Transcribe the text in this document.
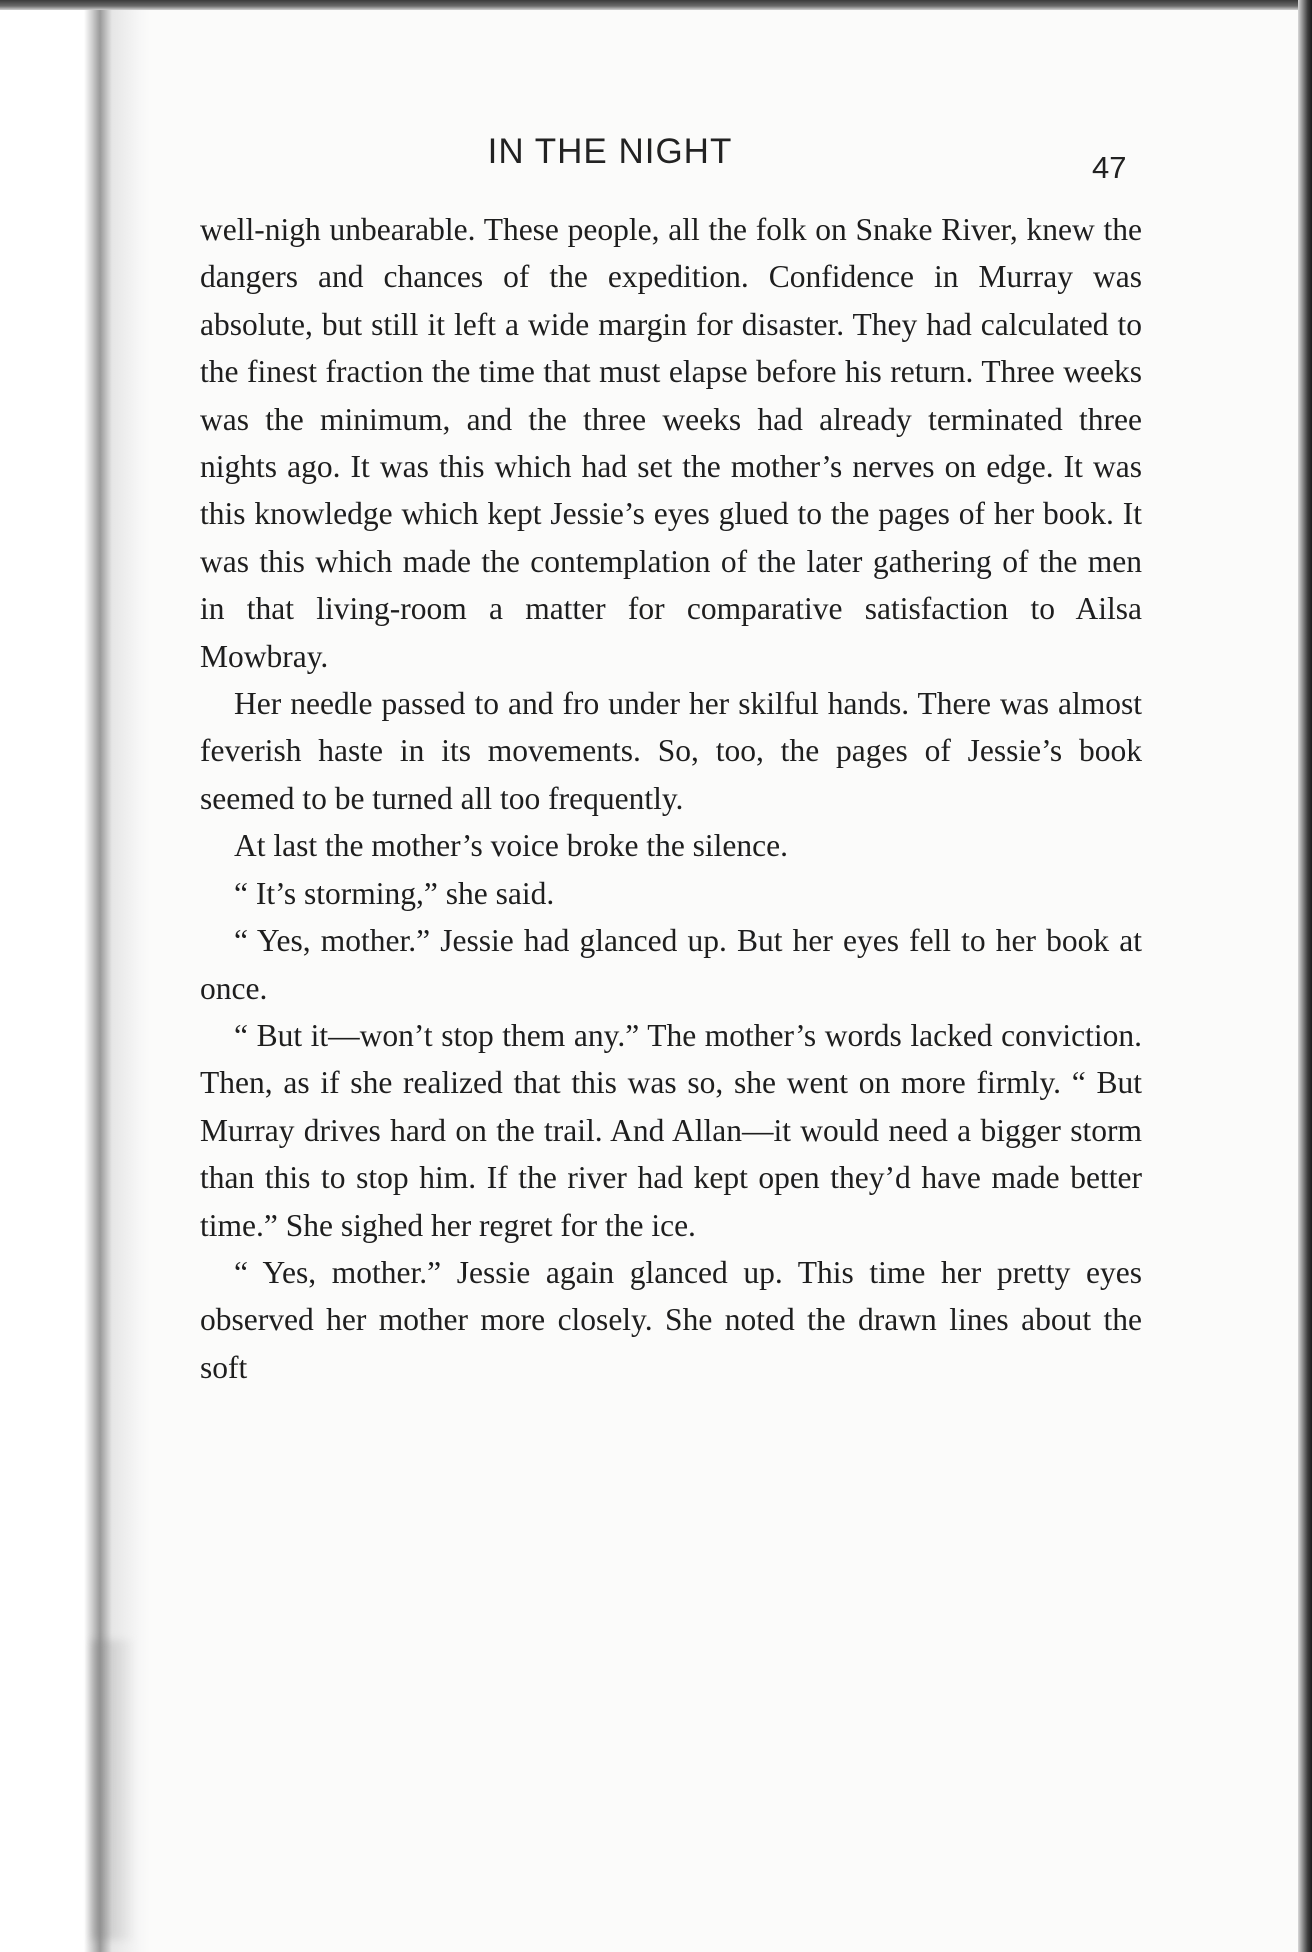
IN THE NIGHT	47

well-nigh unbearable. These people, all the folk on Snake River, knew the dangers and chances of the expedition. Confidence in Murray was absolute, but still it left a wide margin for disaster. They had calculated to the finest fraction the time that must elapse before his return. Three weeks was the minimum, and the three weeks had already terminated three nights ago. It was this which had set the mother’s nerves on edge. It was this knowledge which kept Jessie’s eyes glued to the pages of her book. It was this which made the contemplation of the later gathering of the men in that living-room a matter for comparative satisfaction to Ailsa Mowbray.

Her needle passed to and fro under her skilful hands. There was almost feverish haste in its movements. So, too, the pages of Jessie’s book seemed to be turned all too frequently.

At last the mother’s voice broke the silence.

“ It’s storming,” she said.

“ Yes, mother.” Jessie had glanced up. But her eyes fell to her book at once.

“ But it—won’t stop them any.” The mother’s words lacked conviction. Then, as if she realized that this was so, she went on more firmly. “ But Murray drives hard on the trail. And Allan—it would need a bigger storm than this to stop him. If the river had kept open they’d have made better time.” She sighed her regret for the ice.

“ Yes, mother.” Jessie again glanced up. This time her pretty eyes observed her mother more closely. She noted the drawn lines about the soft
